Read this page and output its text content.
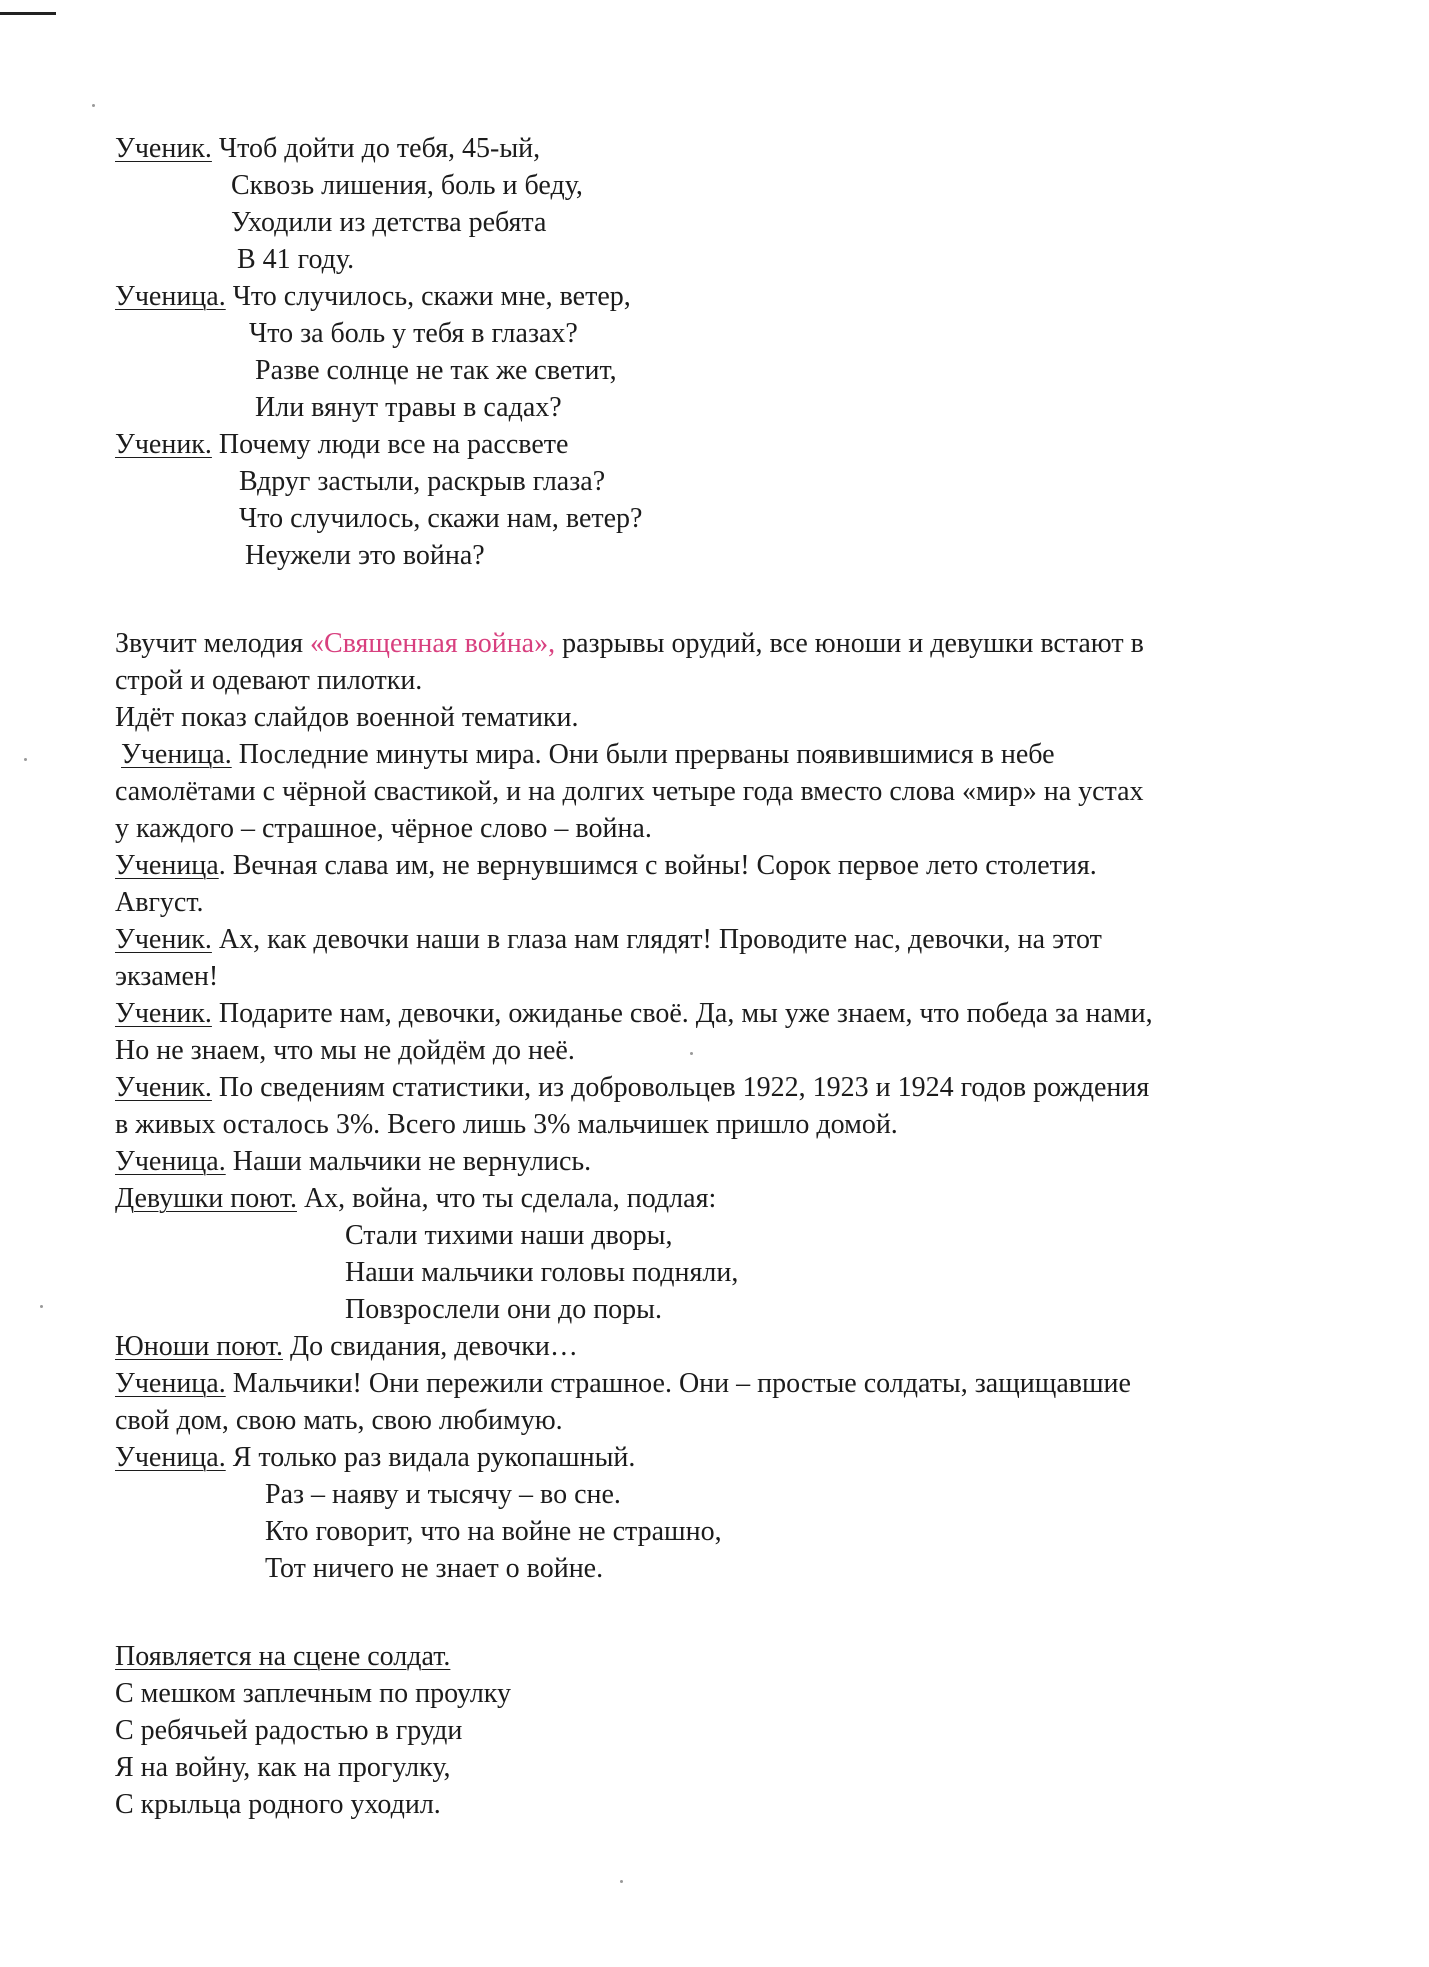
Ученик. Чтоб дойти до тебя, 45-ый,
Сквозь лишения, боль и беду,
Уходили из детства ребята
В 41 году.
Ученица. Что случилось, скажи мне, ветер,
Что за боль у тебя в глазах?
Разве солнце не так же светит,
Или вянут травы в садах?
Ученик. Почему люди все на рассвете
Вдруг застыли, раскрыв глаза?
Что случилось, скажи нам, ветер?
Неужели это война?
Звучит мелодия «Священная война», разрывы орудий, все юноши и девушки встают в
строй и одевают пилотки.
Идёт показ слайдов военной тематики.
Ученица. Последние минуты мира. Они были прерваны появившимися в небе
самолётами с чёрной свастикой, и на долгих четыре года вместо слова «мир» на устах
у каждого – страшное, чёрное слово – война.
Ученица. Вечная слава им, не вернувшимся с войны! Сорок первое лето столетия.
Август.
Ученик. Ах, как девочки наши в глаза нам глядят! Проводите нас, девочки, на этот
экзамен!
Ученик. Подарите нам, девочки, ожиданье своё. Да, мы уже знаем, что победа за нами,
Но не знаем, что мы не дойдём до неё.
Ученик. По сведениям статистики, из добровольцев 1922, 1923 и 1924 годов рождения
в живых осталось 3%. Всего лишь 3% мальчишек пришло домой.
Ученица. Наши мальчики не вернулись.
Девушки поют. Ах, война, что ты сделала, подлая:
Стали тихими наши дворы,
Наши мальчики головы подняли,
Повзрослели они до поры.
Юноши поют. До свидания, девочки…
Ученица. Мальчики! Они пережили страшное. Они – простые солдаты, защищавшие
свой дом, свою мать, свою любимую.
Ученица. Я только раз видала рукопашный.
Раз – наяву и тысячу – во сне.
Кто говорит, что на войне не страшно,
Тот ничего не знает о войне.
Появляется на сцене солдат.
С мешком заплечным по проулку
С ребячьей радостью в груди
Я на войну, как на прогулку,
С крыльца родного уходил.
